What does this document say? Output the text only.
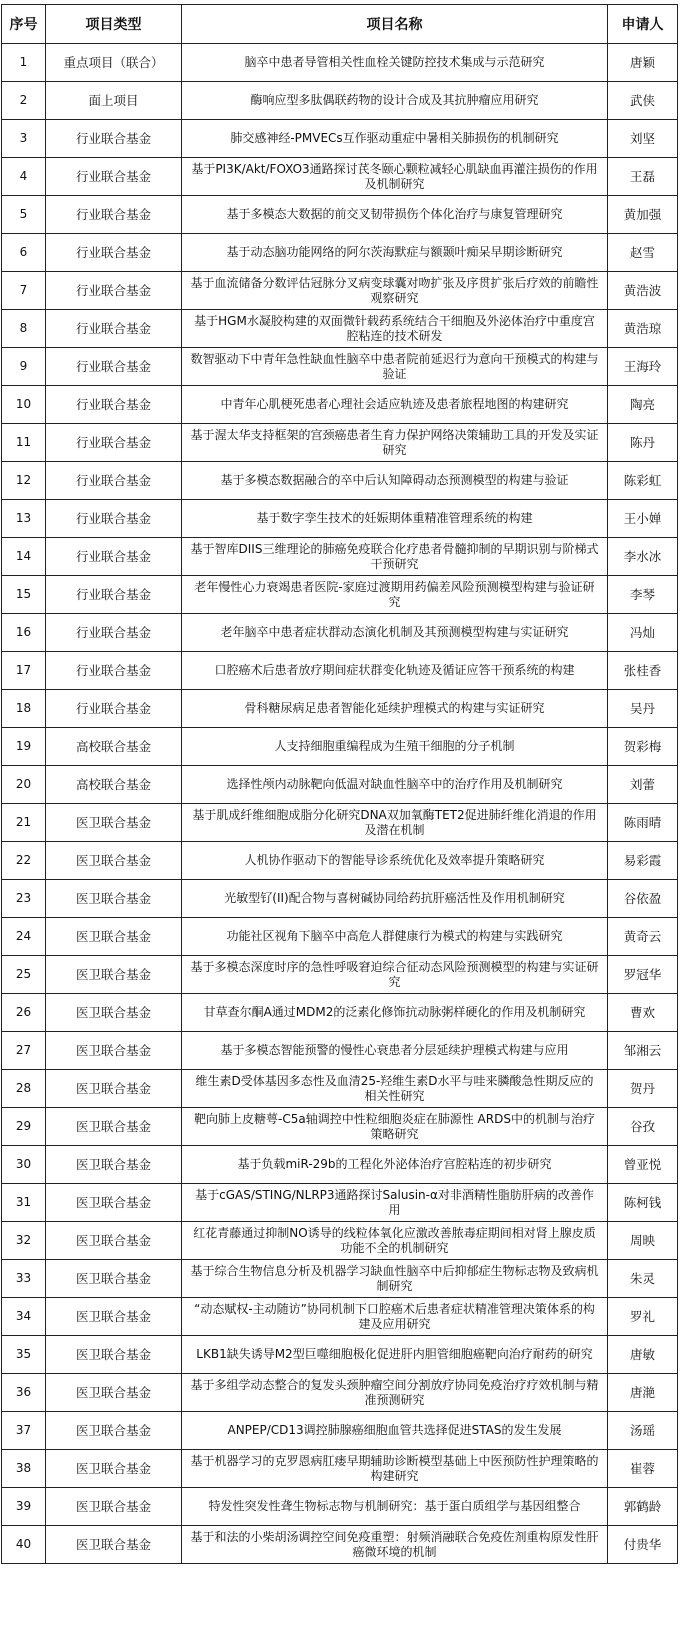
序号	项目类型	项目名称	申请人
1	重点项目（联合）	脑卒中患者导管相关性血栓关键防控技术集成与示范研究	唐颖
2	面上项目	酶响应型多肽偶联药物的设计合成及其抗肿瘤应用研究	武侠
3	行业联合基金	肺交感神经-PMVECs互作驱动重症中暑相关肺损伤的机制研究	刘坚
4	行业联合基金	基于PI3K/Akt/FOXO3通路探讨芪冬颐心颗粒减轻心肌缺血再灌注损伤的作用及机制研究	王磊
5	行业联合基金	基于多模态大数据的前交叉韧带损伤个体化治疗与康复管理研究	黄加强
6	行业联合基金	基于动态脑功能网络的阿尔茨海默症与额颞叶痴呆早期诊断研究	赵雪
7	行业联合基金	基于血流储备分数评估冠脉分叉病变球囊对吻扩张及序贯扩张后疗效的前瞻性观察研究	黄浩波
8	行业联合基金	基于HGM水凝胶构建的双面微针载药系统结合干细胞及外泌体治疗中重度宫腔粘连的技术研发	黄浩琼
9	行业联合基金	数智驱动下中青年急性缺血性脑卒中患者院前延迟行为意向干预模式的构建与验证	王海玲
10	行业联合基金	中青年心肌梗死患者心理社会适应轨迹及患者旅程地图的构建研究	陶亮
11	行业联合基金	基于渥太华支持框架的宫颈癌患者生育力保护网络决策辅助工具的开发及实证研究	陈丹
12	行业联合基金	基于多模态数据融合的卒中后认知障碍动态预测模型的构建与验证	陈彩虹
13	行业联合基金	基于数字孪生技术的妊娠期体重精准管理系统的构建	王小婵
14	行业联合基金	基于智库DIIS三维理论的肺癌免疫联合化疗患者骨髓抑制的早期识别与阶梯式干预研究	李水冰
15	行业联合基金	老年慢性心力衰竭患者医院-家庭过渡期用药偏差风险预测模型构建与验证研究	李琴
16	行业联合基金	老年脑卒中患者症状群动态演化机制及其预测模型构建与实证研究	冯灿
17	行业联合基金	口腔癌术后患者放疗期间症状群变化轨迹及循证应答干预系统的构建	张桂香
18	行业联合基金	骨科糖尿病足患者智能化延续护理模式的构建与实证研究	吴丹
19	高校联合基金	人支持细胞重编程成为生殖干细胞的分子机制	贺彩梅
20	高校联合基金	选择性颅内动脉靶向低温对缺血性脑卒中的治疗作用及机制研究	刘蕾
21	医卫联合基金	基于肌成纤维细胞成脂分化研究DNA双加氧酶TET2促进肺纤维化消退的作用及潜在机制	陈雨晴
22	医卫联合基金	人机协作驱动下的智能导诊系统优化及效率提升策略研究	易彩霞
23	医卫联合基金	光敏型钌(II)配合物与喜树碱协同给药抗肝癌活性及作用机制研究	谷依盈
24	医卫联合基金	功能社区视角下脑卒中高危人群健康行为模式的构建与实践研究	黄奇云
25	医卫联合基金	基于多模态深度时序的急性呼吸窘迫综合征动态风险预测模型的构建与实证研究	罗冠华
26	医卫联合基金	甘草查尔酮A通过MDM2的泛素化修饰抗动脉粥样硬化的作用及机制研究	曹欢
27	医卫联合基金	基于多模态智能预警的慢性心衰患者分层延续护理模式构建与应用	邹湘云
28	医卫联合基金	维生素D受体基因多态性及血清25-羟维生素D水平与哇来膦酸急性期反应的相关性研究	贺丹
29	医卫联合基金	靶向肺上皮糖萼-C5a轴调控中性粒细胞炎症在肺源性 ARDS中的机制与治疗策略研究	谷孜
30	医卫联合基金	基于负载miR-29b的工程化外泌体治疗宫腔粘连的初步研究	曾亚悦
31	医卫联合基金	基于cGAS/STING/NLRP3通路探讨Salusin-α对非酒精性脂肪肝病的改善作用	陈柯钱
32	医卫联合基金	红花青藤通过抑制NO诱导的线粒体氧化应激改善脓毒症期间相对肾上腺皮质功能不全的机制研究	周映
33	医卫联合基金	基于综合生物信息分析及机器学习缺血性脑卒中后抑郁症生物标志物及致病机制研究	朱灵
34	医卫联合基金	“动态赋权-主动随访”协同机制下口腔癌术后患者症状精准管理决策体系的构建及应用研究	罗礼
35	医卫联合基金	LKB1缺失诱导M2型巨噬细胞极化促进肝内胆管细胞癌靶向治疗耐药的研究	唐敏
36	医卫联合基金	基于多组学动态整合的复发头颈肿瘤空间分割放疗协同免疫治疗疗效机制与精准预测研究	唐滟
37	医卫联合基金	ANPEP/CD13调控肺腺癌细胞血管共选择促进STAS的发生发展	汤瑶
38	医卫联合基金	基于机器学习的克罗恩病肛瘘早期辅助诊断模型基础上中医预防性护理策略的构建研究	崔蓉
39	医卫联合基金	特发性突发性聋生物标志物与机制研究：基于蛋白质组学与基因组整合	郭鹤龄
40	医卫联合基金	基于和法的小柴胡汤调控空间免疫重塑：射频消融联合免疫佐剂重构原发性肝癌微环境的机制	付贵华
